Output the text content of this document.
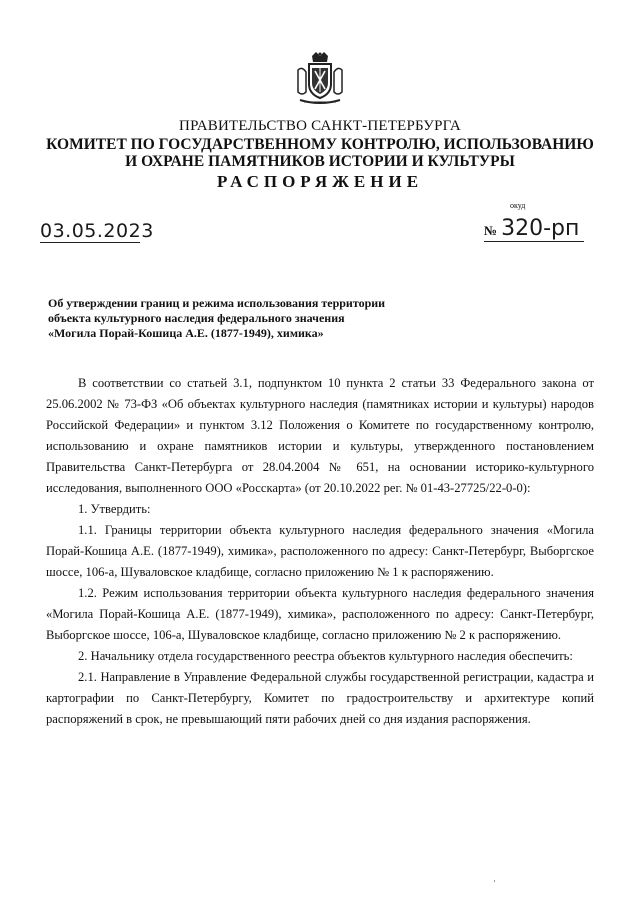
ПРАВИТЕЛЬСТВО САНКТ-ПЕТЕРБУРГА
КОМИТЕТ ПО ГОСУДАРСТВЕННОМУ КОНТРОЛЮ, ИСПОЛЬЗОВАНИЮ
И ОХРАНЕ ПАМЯТНИКОВ ИСТОРИИ И КУЛЬТУРЫ
РАСПОРЯЖЕНИЕ
окуд
03.05.2023	№ 320-рп
Об утверждении границ и режима использования территории
объекта культурного наследия федерального значения
«Могила Порай-Кошица А.Е. (1877-1949), химика»

В соответствии со статьей 3.1, подпунктом 10 пункта 2 статьи 33 Федерального закона от 25.06.2002 № 73-ФЗ «Об объектах культурного наследия (памятниках истории и культуры) народов Российской Федерации» и пунктом 3.12 Положения о Комитете по государственному контролю, использованию и охране памятников истории и культуры, утвержденного постановлением Правительства Санкт-Петербурга от 28.04.2004 № 651, на основании историко-культурного исследования, выполненного ООО «Росскарта» (от 20.10.2022 рег. № 01-43-27725/22-0-0):

1. Утвердить:

1.1. Границы территории объекта культурного наследия федерального значения «Могила Порай-Кошица А.Е. (1877-1949), химика», расположенного по адресу: Санкт-Петербург, Выборгское шоссе, 106-а, Шуваловское кладбище, согласно приложению № 1 к распоряжению.

1.2. Режим использования территории объекта культурного наследия федерального значения «Могила Порай-Кошица А.Е. (1877-1949), химика», расположенного по адресу: Санкт-Петербург, Выборгское шоссе, 106-а, Шуваловское кладбище, согласно приложению № 2 к распоряжению.

2. Начальнику отдела государственного реестра объектов культурного наследия обеспечить:

2.1. Направление в Управление Федеральной службы государственной регистрации, кадастра и картографии по Санкт-Петербургу, Комитет по градостроительству и архитектуре копий распоряжений в срок, не превышающий пяти рабочих дней со дня издания распоряжения.
